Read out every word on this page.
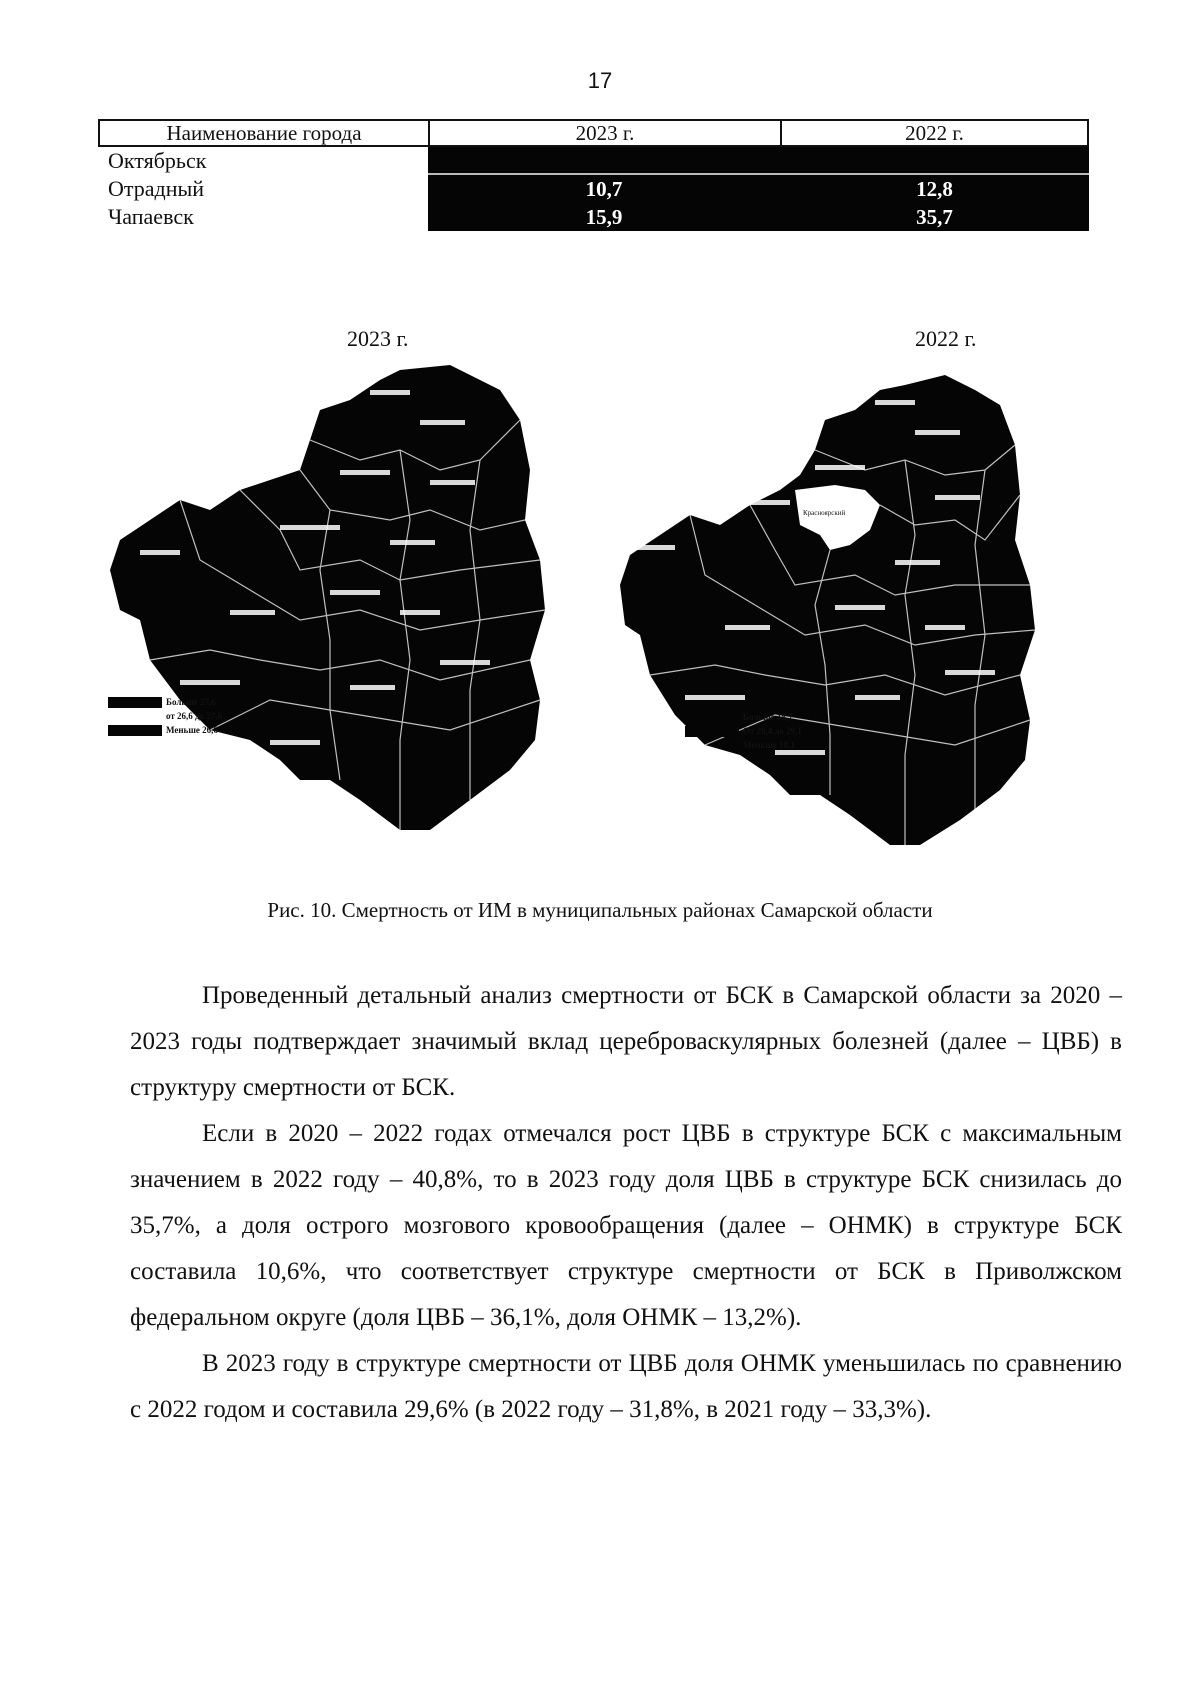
17
Наименование города	2023 г.	2022 г.
Октябрьск
Отрадный	10,7	12,8
Чапаевск	15,9	35,7
2023 г.	2022 г.
Больше 27,6
от 26,6 до 27,6
Меньше 26,6
Красноярский
Больше 18,7
От 28,4 до 29,1
Меньше 18,1
Рис. 10. Смертность от ИМ в муниципальных районах Самарской области

Проведенный детальный анализ смертности от БСК в Самарской области за 2020 – 2023 годы подтверждает значимый вклад цереброваскулярных болезней (далее – ЦВБ) в структуру смертности от БСК.

Если в 2020 – 2022 годах отмечался рост ЦВБ в структуре БСК с максимальным значением в 2022 году – 40,8%, то в 2023 году доля ЦВБ в структуре БСК снизилась до 35,7%, а доля острого мозгового кровообращения (далее – ОНМК) в структуре БСК составила 10,6%, что соответствует структуре смертности от БСК в Приволжском федеральном округе (доля ЦВБ – 36,1%, доля ОНМК – 13,2%).

В 2023 году в структуре смертности от ЦВБ доля ОНМК уменьшилась по сравнению с 2022 годом и составила 29,6% (в 2022 году – 31,8%, в 2021 году – 33,3%).
